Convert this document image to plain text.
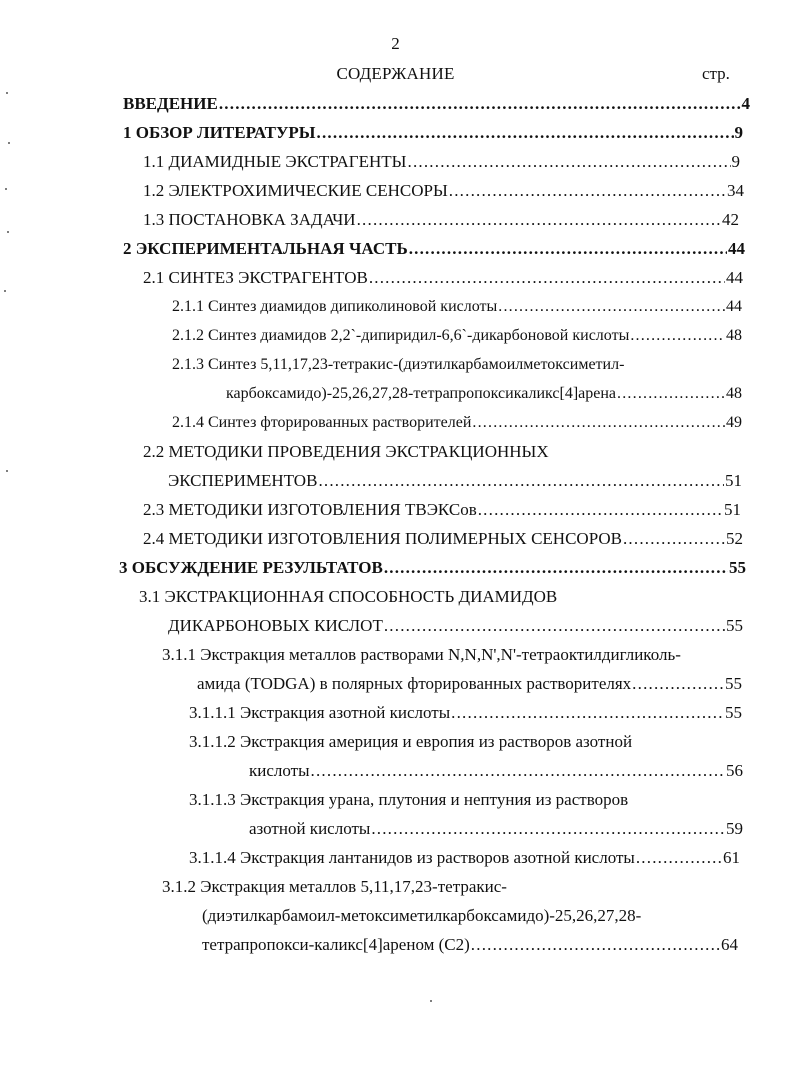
2
СОДЕРЖАНИЕ	стр.
ВВЕДЕНИЕ .....	4
1 ОБЗОР ЛИТЕРАТУРЫ .....	9
1.1 ДИАМИДНЫЕ ЭКСТРАГЕНТЫ .....	9
1.2 ЭЛЕКТРОХИМИЧЕСКИЕ СЕНСОРЫ .....	34
1.3 ПОСТАНОВКА ЗАДАЧИ .....	42
2 ЭКСПЕРИМЕНТАЛЬНАЯ ЧАСТЬ .....	44
2.1 СИНТЕЗ ЭКСТРАГЕНТОВ .....	44
2.1.1 Синтез диамидов дипиколиновой кислоты .....	44
2.1.2 Синтез диамидов 2,2`-дипиридил-6,6`-дикарбоновой кислоты .....	48
2.1.3 Синтез 5,11,17,23-тетракис-(диэтилкарбамоилметоксиметил-
карбоксамидо)-25,26,27,28-тетрапропоксикаликс[4]арена .....	48
2.1.4 Синтез фторированных растворителей .....	49
2.2 МЕТОДИКИ ПРОВЕДЕНИЯ ЭКСТРАКЦИОННЫХ
ЭКСПЕРИМЕНТОВ .....	51
2.3 МЕТОДИКИ ИЗГОТОВЛЕНИЯ ТВЭКСов .....	51
2.4 МЕТОДИКИ ИЗГОТОВЛЕНИЯ ПОЛИМЕРНЫХ СЕНСОРОВ .....	52
3 ОБСУЖДЕНИЕ РЕЗУЛЬТАТОВ .....	55
3.1 ЭКСТРАКЦИОННАЯ СПОСОБНОСТЬ ДИАМИДОВ
ДИКАРБОНОВЫХ КИСЛОТ .....	55
3.1.1 Экстракция металлов растворами N,N,N',N'-тетраоктилдигликоль-
амида (TODGA) в полярных фторированных растворителях .....	55
3.1.1.1 Экстракция азотной кислоты .....	55
3.1.1.2 Экстракция америция и европия из растворов азотной
кислоты .....	56
3.1.1.3 Экстракция урана, плутония и нептуния из растворов
азотной кислоты .....	59
3.1.1.4 Экстракция лантанидов из растворов азотной кислоты .....	61
3.1.2 Экстракция металлов 5,11,17,23-тетракис-
(диэтилкарбамоил-метоксиметилкарбоксамидо)-25,26,27,28-
тетрапропокси-каликс[4]ареном (С2) .....	64
